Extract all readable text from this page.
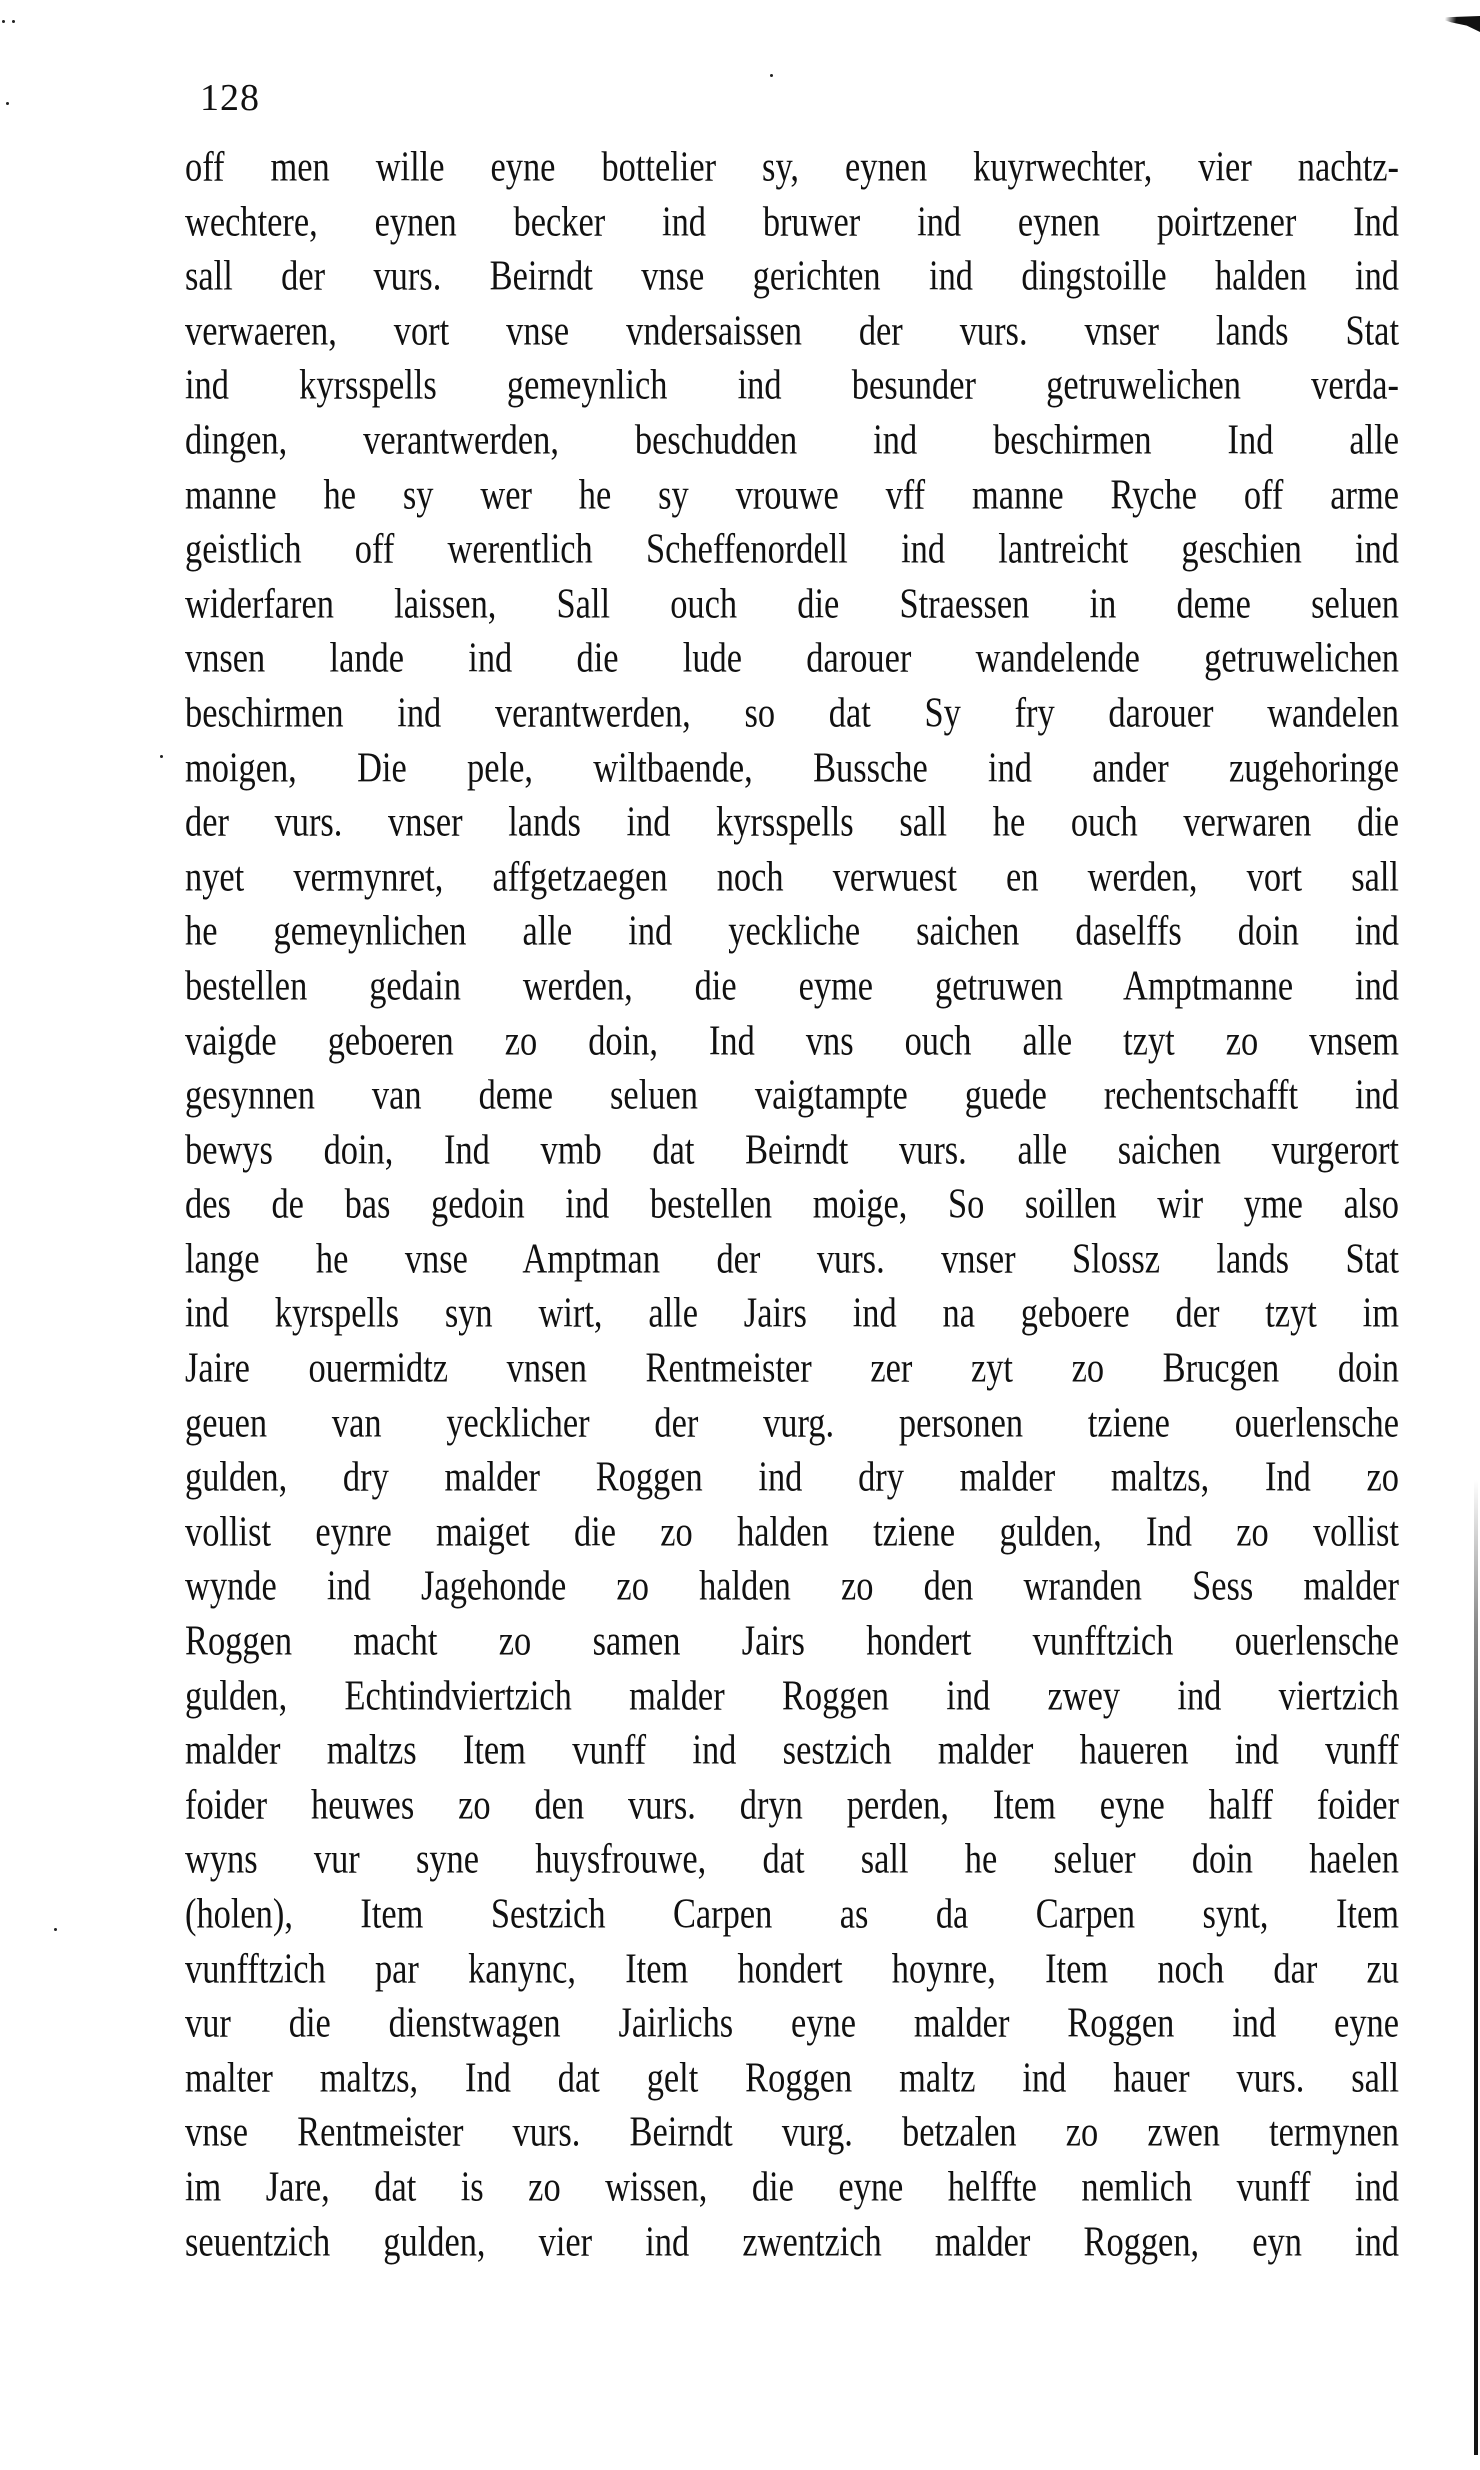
128
off men wille eyne bottelier sy, eynen kuyrwechter, vier nachtz-
wechtere, eynen becker ind bruwer ind eynen poirtzener Ind
sall der vurs. Beirndt vnse gerichten ind dingstoille halden ind
verwaeren, vort vnse vndersaissen der vurs. vnser lands Stat
ind kyrsspells gemeynlich ind besunder getruwelichen verda-
dingen, verantwerden, beschudden ind beschirmen Ind alle
manne he sy wer he sy vrouwe vff manne Ryche off arme
geistlich off werentlich Scheffenordell ind lantreicht geschien ind
widerfaren laissen, Sall ouch die Straessen in deme seluen
vnsen lande ind die lude darouer wandelende getruwelichen
beschirmen ind verantwerden, so dat Sy fry darouer wandelen
moigen, Die pele, wiltbaende, Bussche ind ander zugehoringe
der vurs. vnser lands ind kyrsspells sall he ouch verwaren die
nyet vermynret, affgetzaegen noch verwuest en werden, vort sall
he gemeynlichen alle ind yeckliche saichen daselffs doin ind
bestellen gedain werden, die eyme getruwen Amptmanne ind
vaigde geboeren zo doin, Ind vns ouch alle tzyt zo vnsem
gesynnen van deme seluen vaigtampte guede rechentschafft ind
bewys doin, Ind vmb dat Beirndt vurs. alle saichen vurgerort
des de bas gedoin ind bestellen moige, So soillen wir yme also
lange he vnse Amptman der vurs. vnser Slossz lands Stat
ind kyrspells syn wirt, alle Jairs ind na geboere der tzyt im
Jaire ouermidtz vnsen Rentmeister zer zyt zo Brucgen doin
geuen van yecklicher der vurg. personen tziene ouerlensche
gulden, dry malder Roggen ind dry malder maltzs, Ind zo
vollist eynre maiget die zo halden tziene gulden, Ind zo vollist
wynde ind Jagehonde zo halden zo den wranden Sess malder
Roggen macht zo samen Jairs hondert vunfftzich ouerlensche
gulden, Echtindviertzich malder Roggen ind zwey ind viertzich
malder maltzs Item vunff ind sestzich malder haueren ind vunff
foider heuwes zo den vurs. dryn perden, Item eyne halff foider
wyns vur syne huysfrouwe, dat sall he seluer doin haelen
(holen), Item Sestzich Carpen as da Carpen synt, Item
vunfftzich par kanync, Item hondert hoynre, Item noch dar zu
vur die dienstwagen Jairlichs eyne malder Roggen ind eyne
malter maltzs, Ind dat gelt Roggen maltz ind hauer vurs. sall
vnse Rentmeister vurs. Beirndt vurg. betzalen zo zwen termynen
im Jare, dat is zo wissen, die eyne helffte nemlich vunff ind
seuentzich gulden, vier ind zwentzich malder Roggen, eyn ind
